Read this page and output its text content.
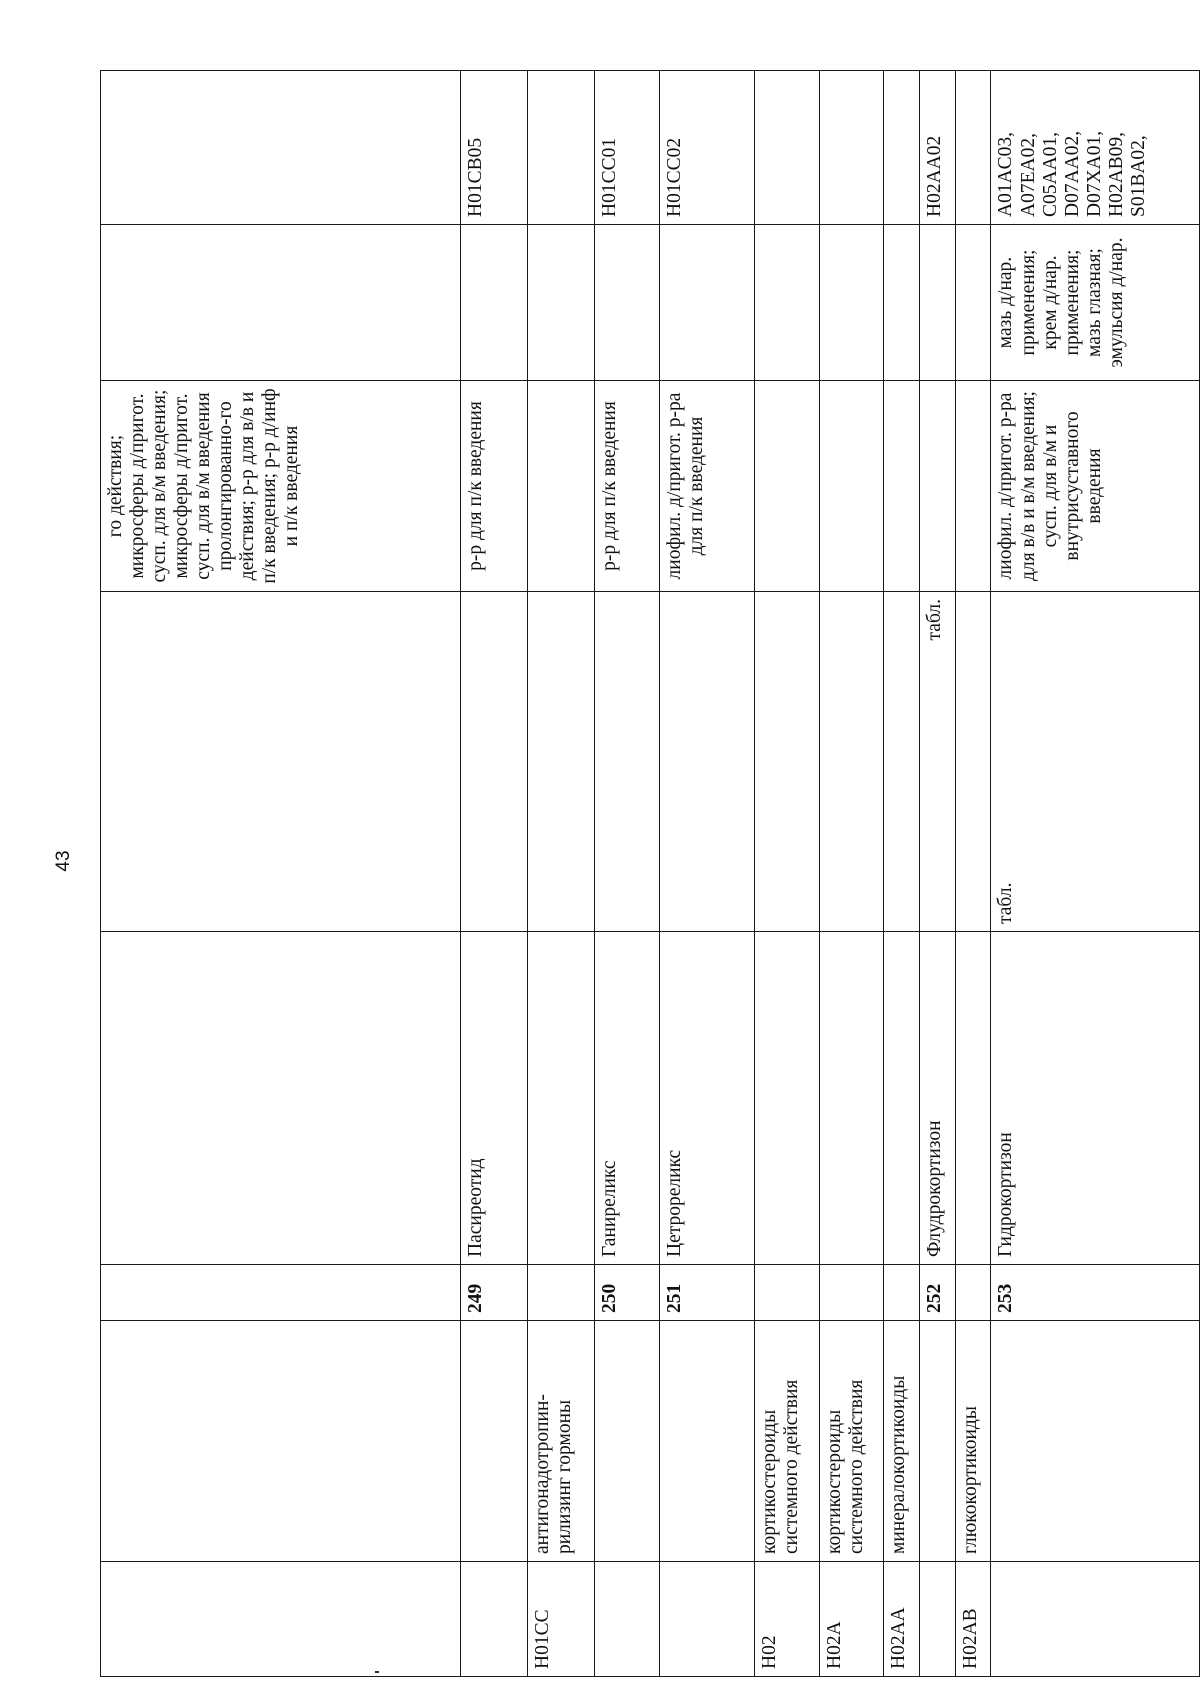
43
					го действия; микросферы д/пригот. сусп. для в/м введения; микросферы д/пригот. сусп. для в/м введения пролонгированно-го действия; р-р для в/в и п/к введения; р-р д/инф и п/к введения		
		249	Пасиреотид		р-р для п/к введения		H01CB05
H01CC	антигонадотропин-рилизинг гормоны						
		250	Ганиреликс		р-р для п/к введения		H01CC01
		251	Цетрореликс		лиофил. д/пригот. р-ра для п/к введения		H01CC02
H02	кортикостероиды системного действия						
H02A	кортикостероиды системного действия						
H02AA	минералокортикоиды						
		252	Флудрокортизон	табл.			H02AA02
H02AB	глюкокортикоиды						
		253	Гидрокортизон	табл.	лиофил. д/пригот. р-ра для в/в и в/м введения; сусп. для в/м и внутрисуставного введения	мазь д/нар. применения; крем д/нар. применения; мазь глазная; эмульсия д/нар.	A01AC03, A07EA02, C05AA01, D07AA02, D07XA01, H02AB09, S01BA02,
